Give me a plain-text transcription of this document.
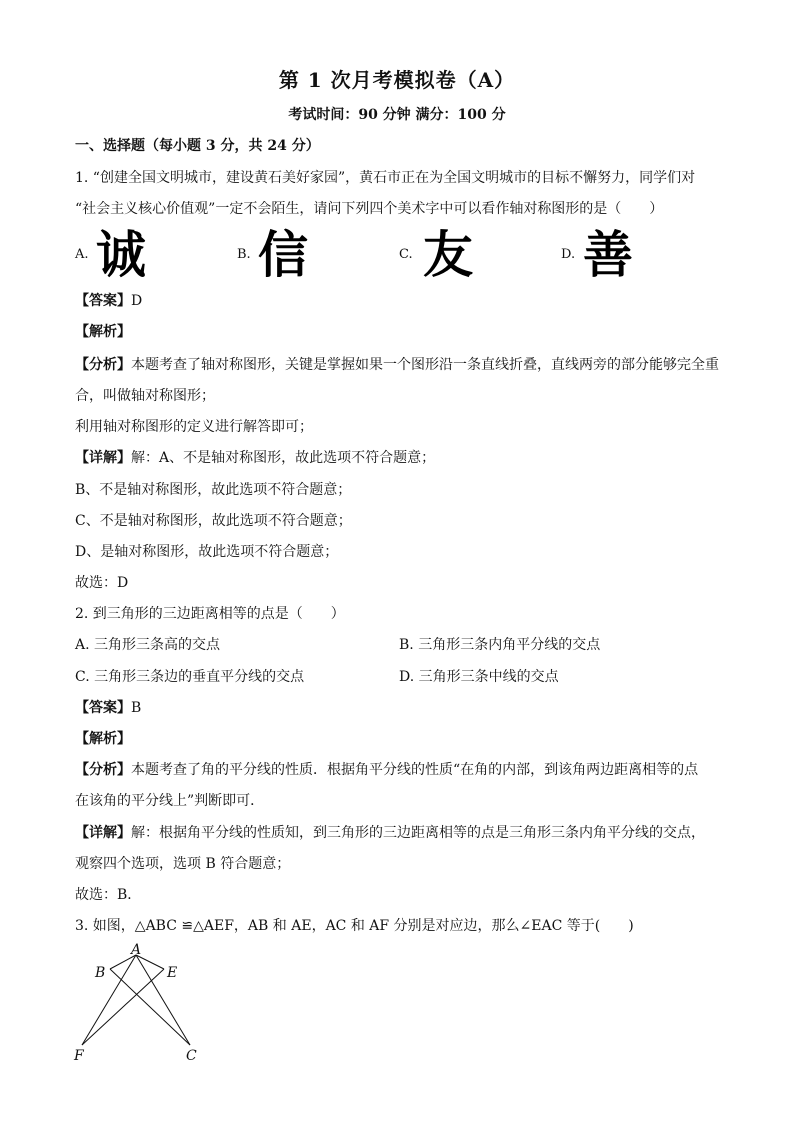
第 1 次月考模拟卷（A）
考试时间：90 分钟 满分：100 分
一、选择题（每小题 3 分，共 24 分）
1. “创建全国文明城市，建设黄石美好家园”，黄石市正在为全国文明城市的目标不懈努力，同学们对
“社会主义核心价值观”一定不会陌生，请问下列四个美术字中可以看作轴对称图形的是（　　）
A. 诚	B. 信	C. 友	D. 善
【答案】D
【解析】
【分析】本题考查了轴对称图形，关键是掌握如果一个图形沿一条直线折叠，直线两旁的部分能够完全重
合，叫做轴对称图形；
利用轴对称图形的定义进行解答即可；
【详解】解：A、不是轴对称图形，故此选项不符合题意；
B、不是轴对称图形，故此选项不符合题意；
C、不是轴对称图形，故此选项不符合题意；
D、是轴对称图形，故此选项不符合题意；
故选：D
2. 到三角形的三边距离相等的点是（　　）
A. 三角形三条高的交点	B. 三角形三条内角平分线的交点
C. 三角形三条边的垂直平分线的交点	D. 三角形三条中线的交点
【答案】B
【解析】
【分析】本题考查了角的平分线的性质．根据角平分线的性质“在角的内部，到该角两边距离相等的点
在该角的平分线上”判断即可．
【详解】解：根据角平分线的性质知，到三角形的三边距离相等的点是三角形三条内角平分线的交点，
观察四个选项，选项 B 符合题意；
故选：B．
3. 如图，△ABC ≌△AEF，AB 和 AE，AC 和 AF 分别是对应边，那么∠EAC 等于(　　)
A
B	E
F	C
